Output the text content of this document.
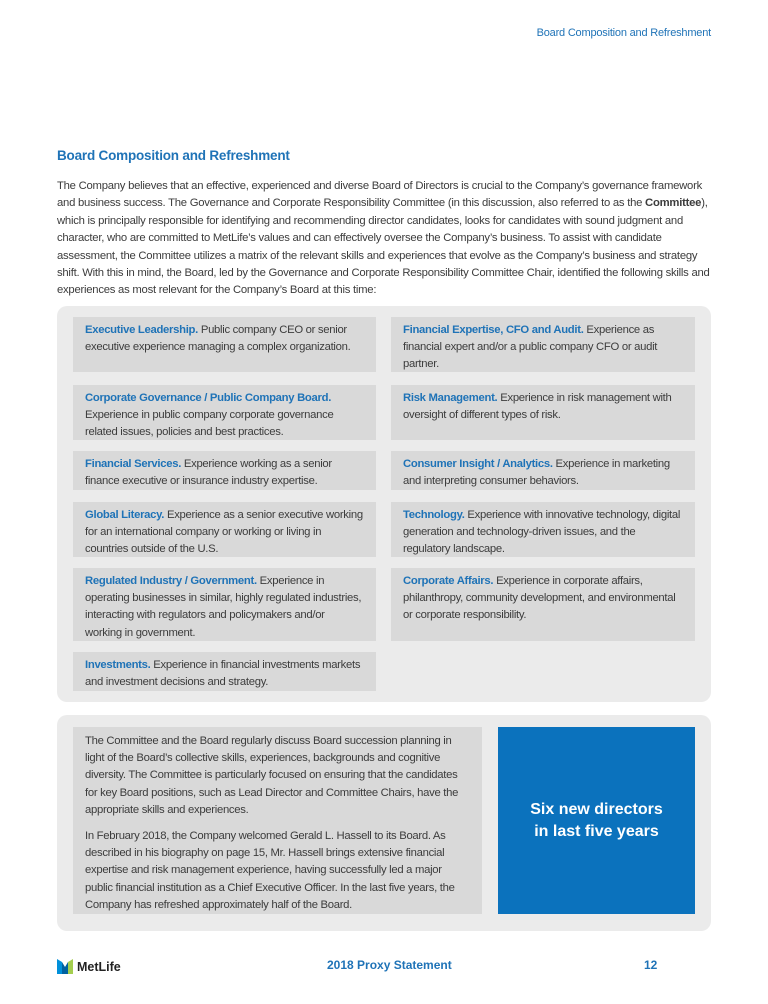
Board Composition and Refreshment
Board Composition and Refreshment

The Company believes that an effective, experienced and diverse Board of Directors is crucial to the Company’s governance framework and business success. The Governance and Corporate Responsibility Committee (in this discussion, also referred to as the Committee), which is principally responsible for identifying and recommending director candidates, looks for candidates with sound judgment and character, who are committed to MetLife’s values and can effectively oversee the Company’s business. To assist with candidate assessment, the Committee utilizes a matrix of the relevant skills and experiences that evolve as the Company’s business and strategy shift. With this in mind, the Board, led by the Governance and Corporate Responsibility Committee Chair, identified the following skills and experiences as most relevant for the Company’s Board at this time:

Executive Leadership. Public company CEO or senior executive experience managing a complex organization.
Financial Expertise, CFO and Audit. Experience as financial expert and/or a public company CFO or audit partner.
Corporate Governance / Public Company Board. Experience in public company corporate governance related issues, policies and best practices.
Risk Management. Experience in risk management with oversight of different types of risk.
Financial Services. Experience working as a senior finance executive or insurance industry expertise.
Consumer Insight / Analytics. Experience in marketing and interpreting consumer behaviors.
Global Literacy. Experience as a senior executive working for an international company or working or living in countries outside of the U.S.
Technology. Experience with innovative technology, digital generation and technology-driven issues, and the regulatory landscape.
Regulated Industry / Government. Experience in operating businesses in similar, highly regulated industries, interacting with regulators and policymakers and/or working in government.
Corporate Affairs. Experience in corporate affairs, philanthropy, community development, and environmental or corporate responsibility.
Investments. Experience in financial investments markets and investment decisions and strategy.

The Committee and the Board regularly discuss Board succession planning in light of the Board’s collective skills, experiences, backgrounds and cognitive diversity. The Committee is particularly focused on ensuring that the candidates for key Board positions, such as Lead Director and Committee Chairs, have the appropriate skills and experiences.

In February 2018, the Company welcomed Gerald L. Hassell to its Board. As described in his biography on page 15, Mr. Hassell brings extensive financial expertise and risk management experience, having successfully led a major public financial institution as a Chief Executive Officer. In the last five years, the Company has refreshed approximately half of the Board.

Six new directors in last five years
MetLife	2018 Proxy Statement	12
